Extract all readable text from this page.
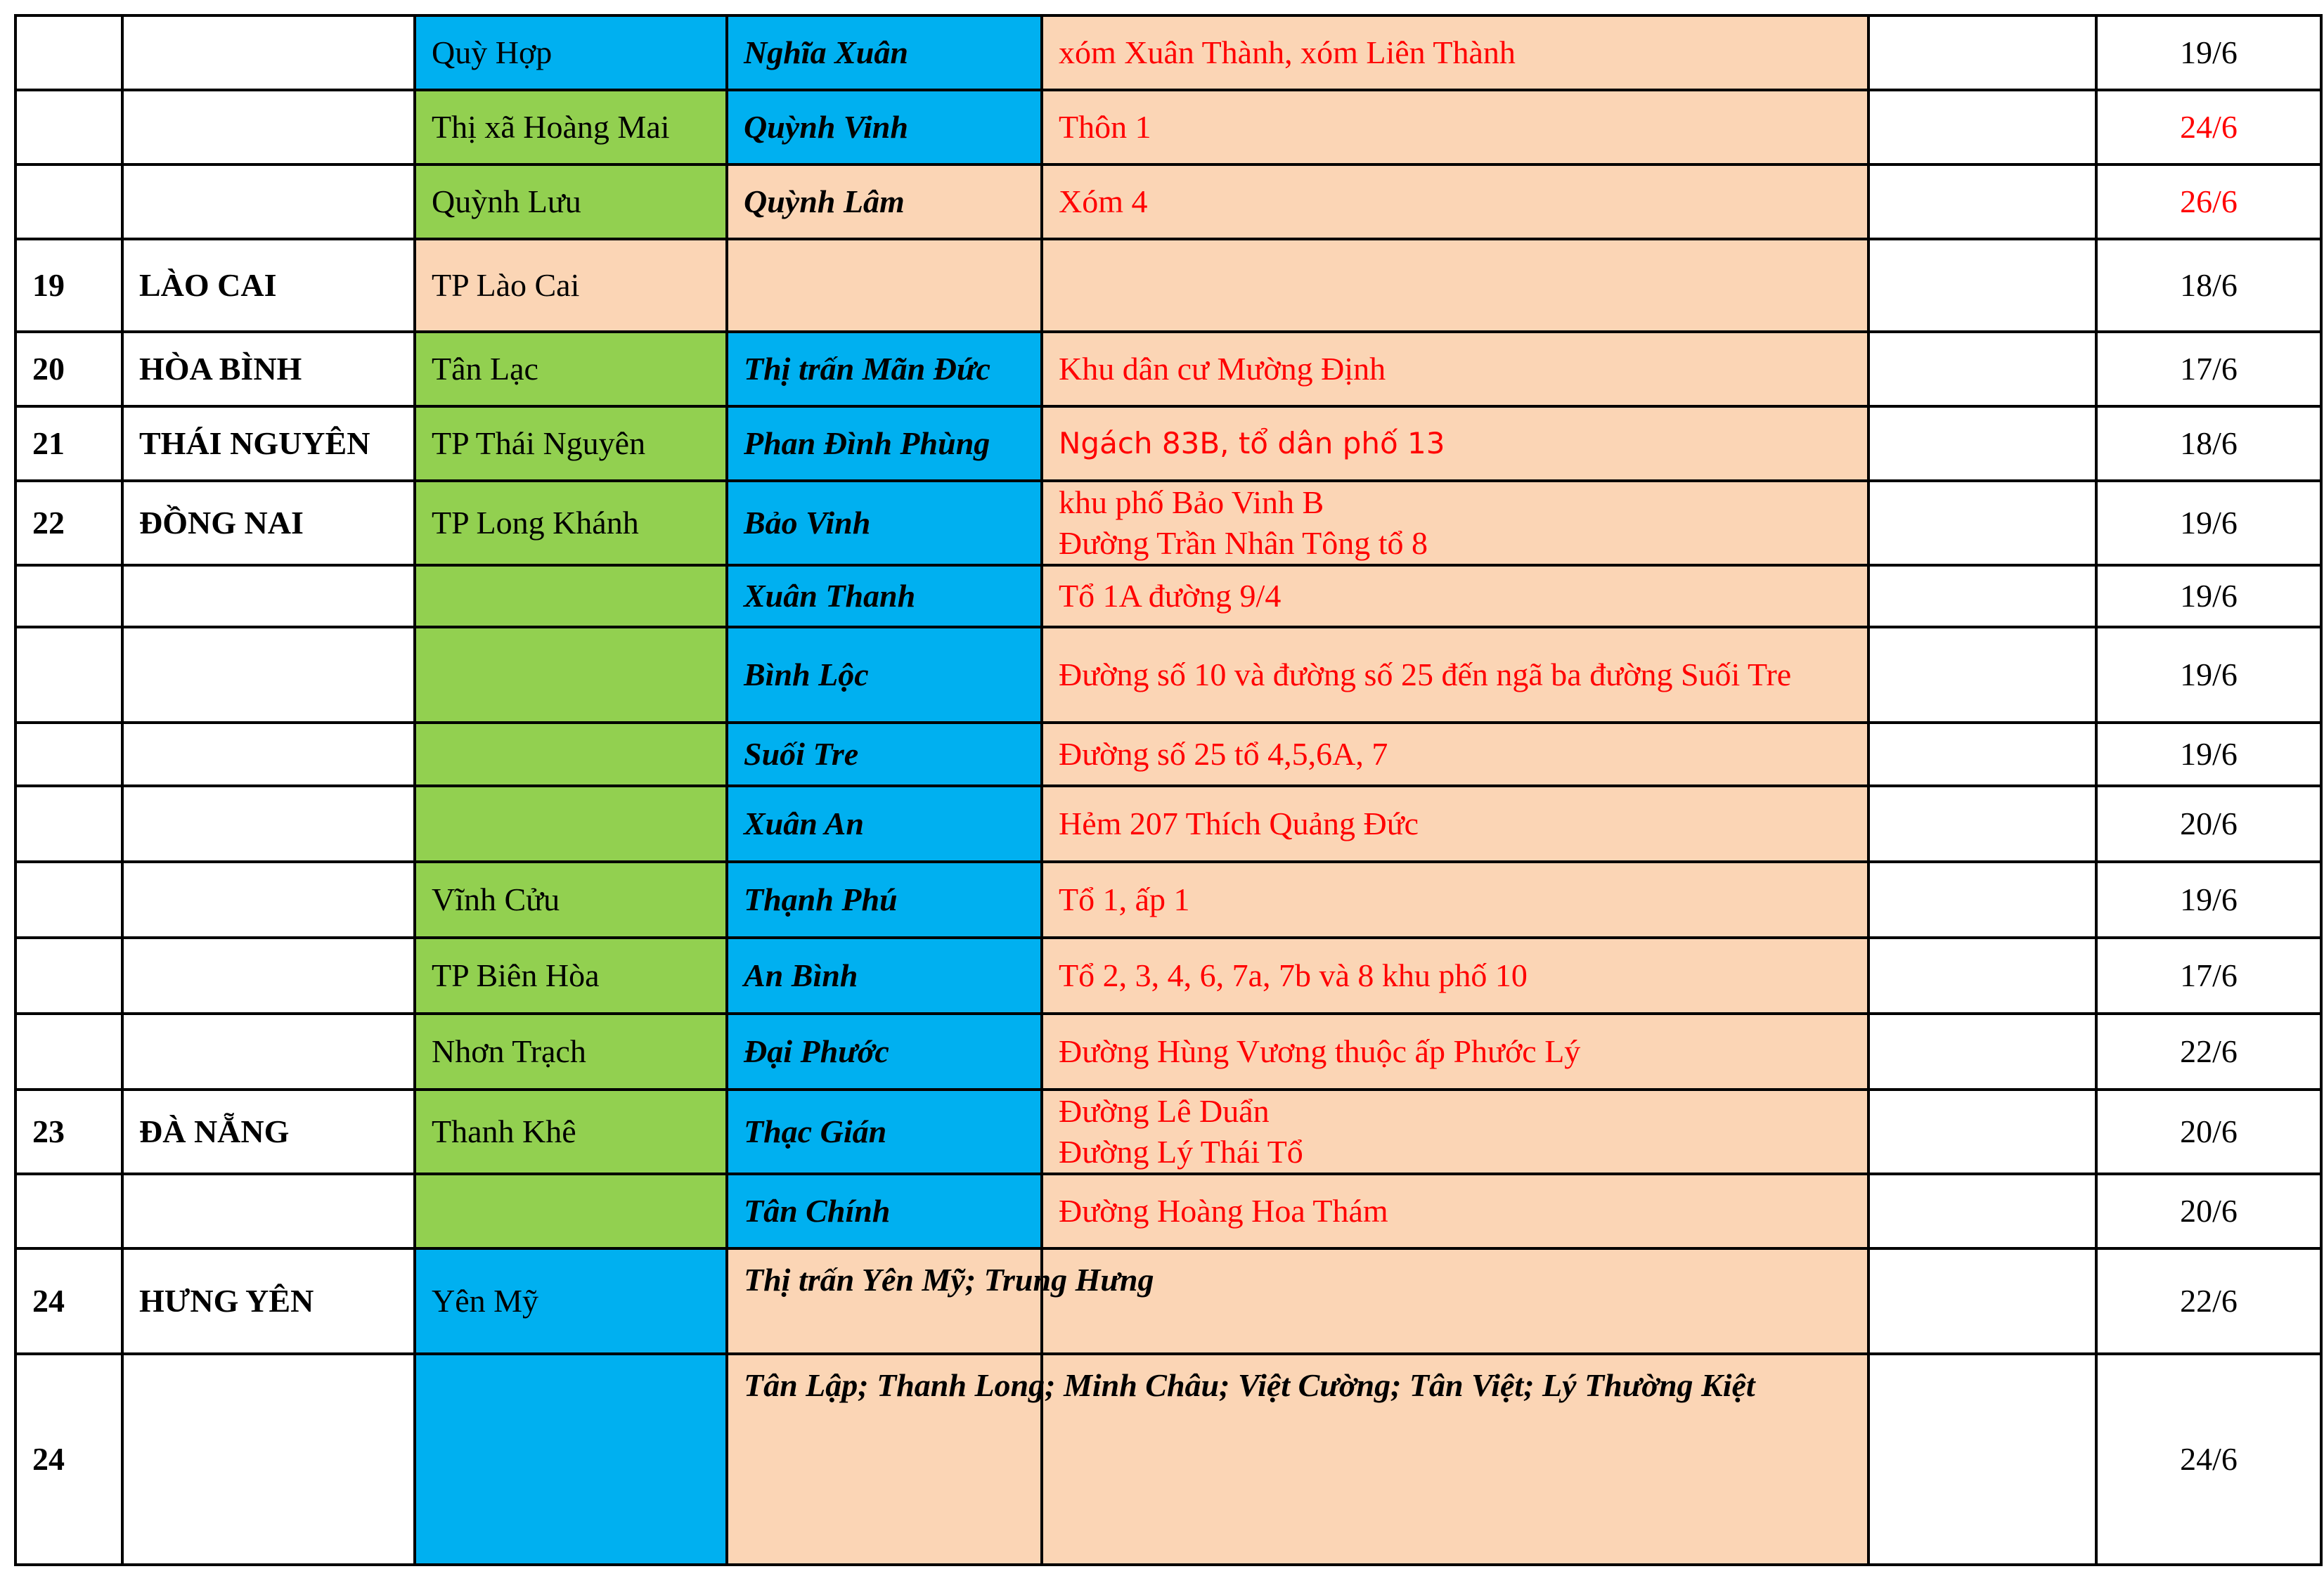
		Quỳ Hợp	Nghĩa Xuân	xóm Xuân Thành, xóm Liên Thành		19/6
		Thị xã Hoàng Mai	Quỳnh Vinh	Thôn 1		24/6
		Quỳnh Lưu	Quỳnh Lâm	Xóm 4		26/6
19	LÀO CAI	TP Lào Cai				18/6
20	HÒA BÌNH	Tân Lạc	Thị trấn Mãn Đức	Khu dân cư Mường Định		17/6
21	THÁI NGUYÊN	TP Thái Nguyên	Phan Đình Phùng	Ngách 83B, tổ dân phố 13		18/6
22	ĐỒNG NAI	TP Long Khánh	Bảo Vinh	khu phố Bảo Vinh B
Đường Trần Nhân Tông tổ 8		19/6
			Xuân Thanh	Tổ 1A đường 9/4		19/6
			Bình Lộc	Đường số 10 và đường số 25 đến ngã ba đường Suối Tre		19/6
			Suối Tre	Đường số 25 tổ 4,5,6A, 7		19/6
			Xuân An	Hẻm 207 Thích Quảng Đức		20/6
		Vĩnh Cửu	Thạnh Phú	Tổ 1, ấp 1		19/6
		TP Biên Hòa	An Bình	Tổ 2, 3, 4, 6, 7a, 7b và 8 khu phố 10		17/6
		Nhơn Trạch	Đại Phước	Đường Hùng Vương thuộc ấp Phước Lý		22/6
23	ĐÀ NẴNG	Thanh Khê	Thạc Gián	Đường Lê Duẩn
Đường Lý Thái Tổ		20/6
			Tân Chính	Đường Hoàng Hoa Thám		20/6
24	HƯNG YÊN	Yên Mỹ	Thị trấn Yên Mỹ; Trung Hưng			22/6
24			Tân Lập; Thanh Long; Minh Châu; Việt Cường; Tân Việt; Lý Thường Kiệt			24/6
